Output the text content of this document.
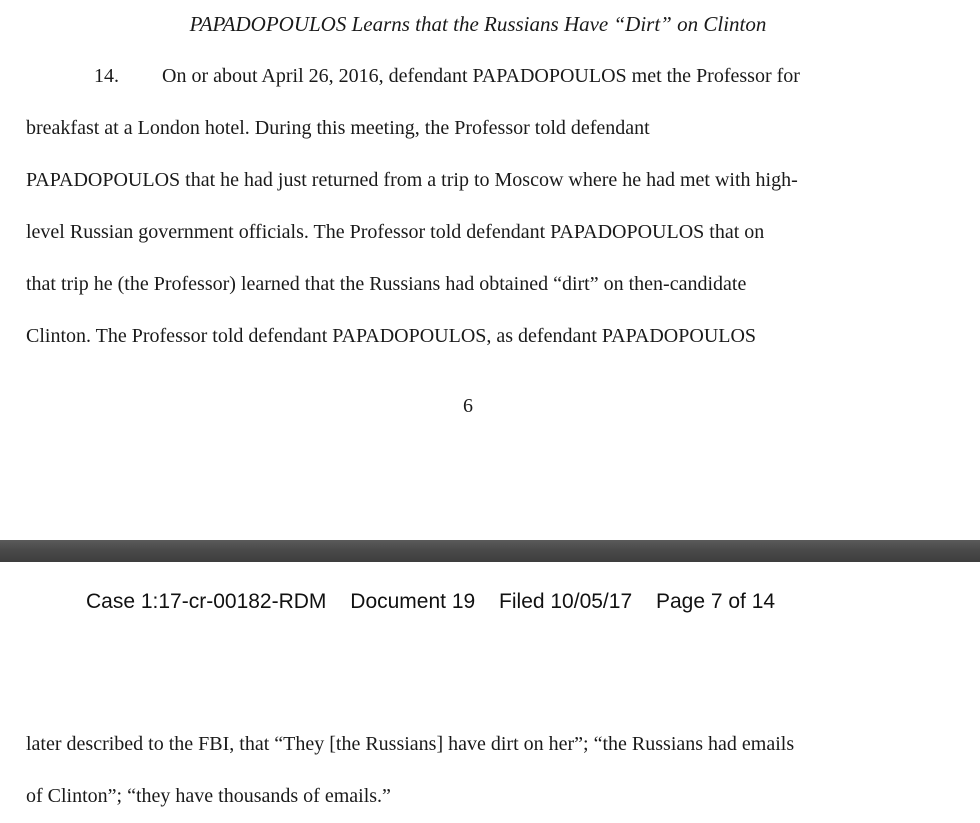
PAPADOPOULOS Learns that the Russians Have “Dirt” on Clinton
14. On or about April 26, 2016, defendant PAPADOPOULOS met the Professor for
breakfast at a London hotel. During this meeting, the Professor told defendant
PAPADOPOULOS that he had just returned from a trip to Moscow where he had met with high-
level Russian government officials. The Professor told defendant PAPADOPOULOS that on
that trip he (the Professor) learned that the Russians had obtained “dirt” on then-candidate
Clinton. The Professor told defendant PAPADOPOULOS, as defendant PAPADOPOULOS
6
Case 1:17-cr-00182-RDM Document 19 Filed 10/05/17 Page 7 of 14
later described to the FBI, that “They [the Russians] have dirt on her”; “the Russians had emails
of Clinton”; “they have thousands of emails.”
